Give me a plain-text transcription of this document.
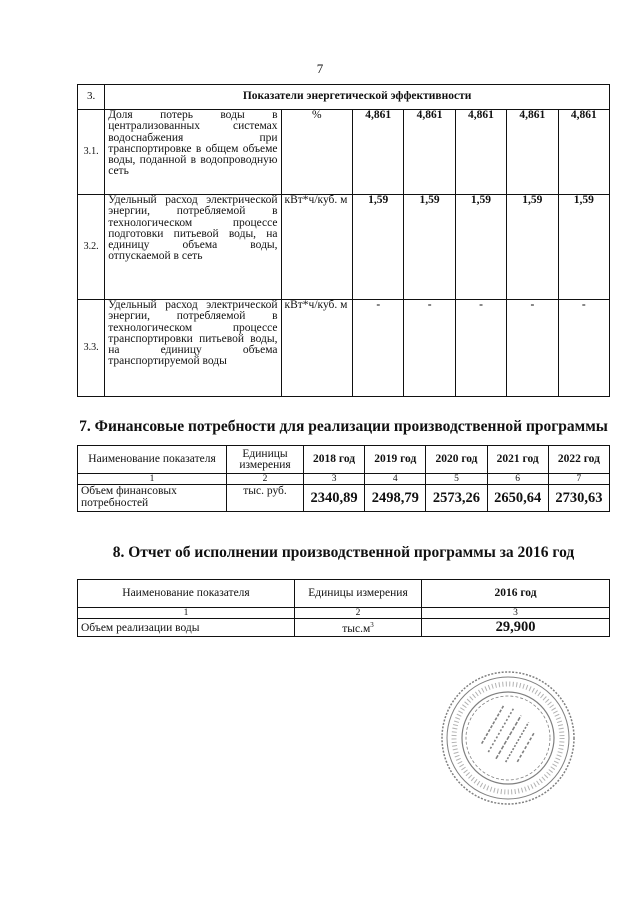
7
3.	Показатели энергетической эффективности						
3.1.	Доля потерь воды в централизованных системах водоснабжения при транспортировке в общем объеме воды, поданной в водопроводную сеть	%	4,861	4,861	4,861	4,861	4,861
3.2.	Удельный расход электрической энергии, потребляемой в технологическом процессе подготовки питьевой воды, на единицу объема воды, отпускаемой в сеть	кВт*ч/куб. м	1,59	1,59	1,59	1,59	1,59
3.3.	Удельный расход электрической энергии, потребляемой в технологическом процессе транспортировки питьевой воды, на единицу объема транспортируемой воды	кВт*ч/куб. м	-	-	-	-	-
7. Финансовые потребности для реализации производственной программы
Наименование показателя	Единицы измерения	2018 год	2019 год	2020 год	2021 год	2022 год
1	2	3	4	5	6	7
Объем финансовых потребностей	тыс. руб.	2340,89	2498,79	2573,26	2650,64	2730,63
8. Отчет об исполнении производственной программы за 2016 год
Наименование показателя	Единицы измерения	2016 год
1	2	3
Объем реализации воды	$тыс.м^3$	29,900
